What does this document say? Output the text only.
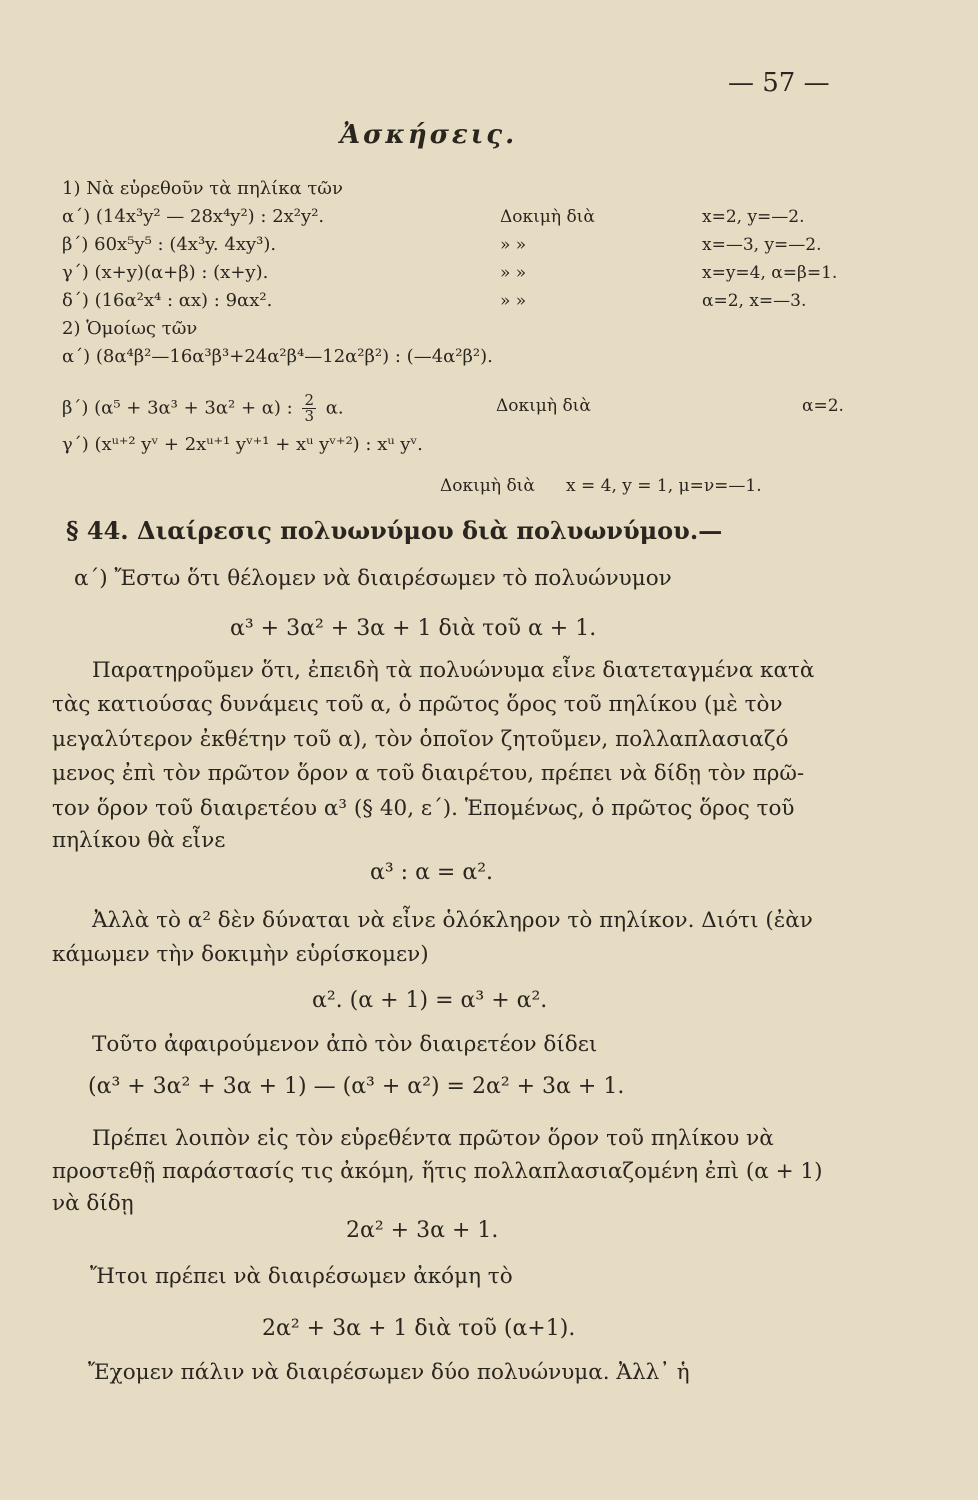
— 57 —
Ἀσκήσεις.
1) Νὰ εὑρεθοῦν τὰ πηλίκα τῶν
α΄) (14x³y² — 28x⁴y²) : 2x²y².	Δοκιμὴ διὰ	x=2, y=—2.
β΄) 60x⁵y⁵ : (4x³y. 4xy³).	» »	x=—3, y=—2.
γ΄) (x+y)(α+β) : (x+y).	» »	x=y=4, α=β=1.
δ΄) (16α²x⁴ : αx) : 9αx².	» »	α=2, x=—3.
2) Ὁμοίως τῶν
α΄) (8α⁴β²—16α³β³+24α²β⁴—12α²β²) : (—4α²β²).
β΄) (α⁵ + 3α³ + 3α² + α) : $\frac{2}{3} \alpha$.	Δοκιμὴ διὰ	α=2.
γ΄) (xᵘ⁺² yᵛ + 2xᵘ⁺¹ yᵛ⁺¹ + xᵘ yᵛ⁺²) : xᵘ yᵛ.
Δοκιμὴ διὰ x = 4, y = 1, μ=ν=—1.
§ 44. Διαίρεσις πολυωνύμου διὰ πολυωνύμου.—
α΄) Ἔστω ὅτι θέλομεν νὰ διαιρέσωμεν τὸ πολυώνυμον
α³ + 3α² + 3α + 1 διὰ τοῦ α + 1.
Παρατηροῦμεν ὅτι, ἐπειδὴ τὰ πολυώνυμα εἶνε διατεταγμένα κατὰ
τὰς κατιούσας δυνάμεις τοῦ α, ὁ πρῶτος ὅρος τοῦ πηλίκου (μὲ τὸν
μεγαλύτερον ἐκθέτην τοῦ α), τὸν ὁποῖον ζητοῦμεν, πολλαπλασιαζό
μενος ἐπὶ τὸν πρῶτον ὅρον α τοῦ διαιρέτου, πρέπει νὰ δίδῃ τὸν πρῶ-
τον ὅρον τοῦ διαιρετέου α³ (§ 40, ε΄). Ἑπομένως, ὁ πρῶτος ὅρος τοῦ
πηλίκου θὰ εἶνε
α³ : α = α².
Ἀλλὰ τὸ α² δὲν δύναται νὰ εἶνε ὁλόκληρον τὸ πηλίκον. Διότι (ἐὰν
κάμωμεν τὴν δοκιμὴν εὑρίσκομεν)
α². (α + 1) = α³ + α².
Τοῦτο ἀφαιρούμενον ἀπὸ τὸν διαιρετέον δίδει
(α³ + 3α² + 3α + 1) — (α³ + α²) = 2α² + 3α + 1.
Πρέπει λοιπὸν εἰς τὸν εὑρεθέντα πρῶτον ὅρον τοῦ πηλίκου νὰ
προστεθῇ παράστασίς τις ἀκόμη, ἥτις πολλαπλασιαζομένη ἐπὶ (α + 1)
νὰ δίδῃ
2α² + 3α + 1.
Ἤτοι πρέπει νὰ διαιρέσωμεν ἀκόμη τὸ
2α² + 3α + 1 διὰ τοῦ (α+1).
Ἔχομεν πάλιν νὰ διαιρέσωμεν δύο πολυώνυμα. Ἀλλ᾽ ἡ
